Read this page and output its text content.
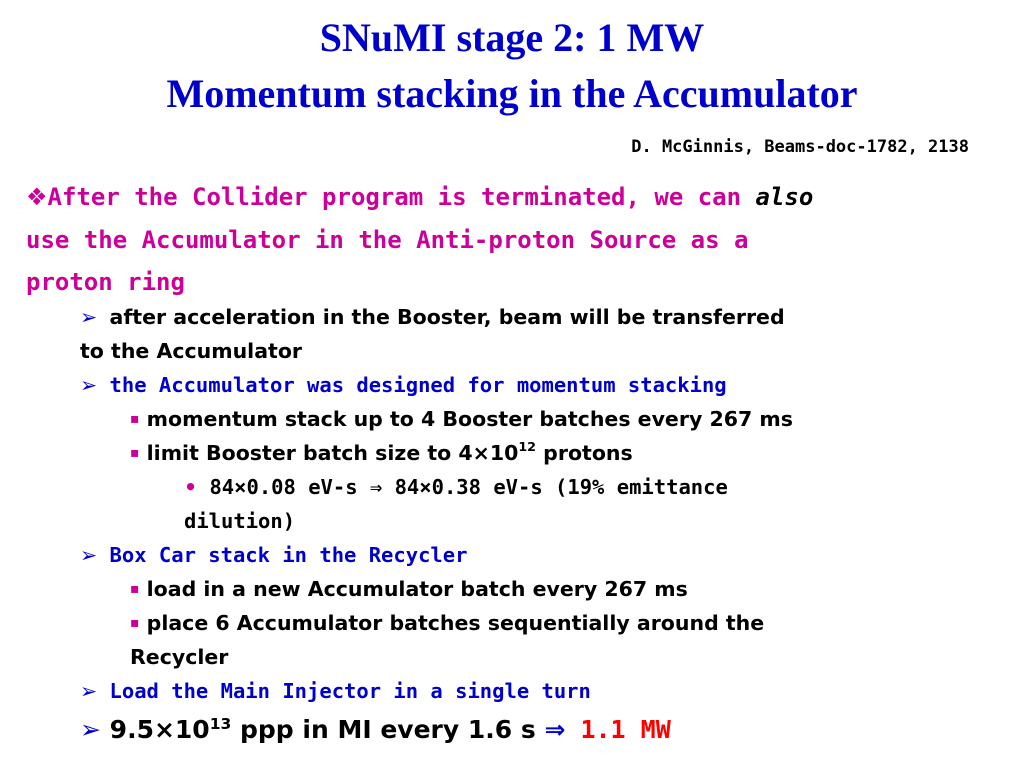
SNuMI stage 2: 1 MW
Momentum stacking in the Accumulator
D. McGinnis, Beams-doc-1782, 2138
❖After the Collider program is terminated, we can also
use the Accumulator in the Anti-proton Source as a
proton ring
➢ after acceleration in the Booster, beam will be transferred
to the Accumulator
➢ the Accumulator was designed for momentum stacking
▪ momentum stack up to 4 Booster batches every 267 ms
▪ limit Booster batch size to $4\times 10^{12}$ protons
• 84×0.08 eV-s ⇒ 84×0.38 eV-s (19% emittance
dilution)
➢ Box Car stack in the Recycler
▪ load in a new Accumulator batch every 267 ms
▪ place 6 Accumulator batches sequentially around the
Recycler
➢ Load the Main Injector in a single turn
➢ $9.5\times 10^{13}$ ppp in MI every 1.6 s ⇒ 1.1 MW
